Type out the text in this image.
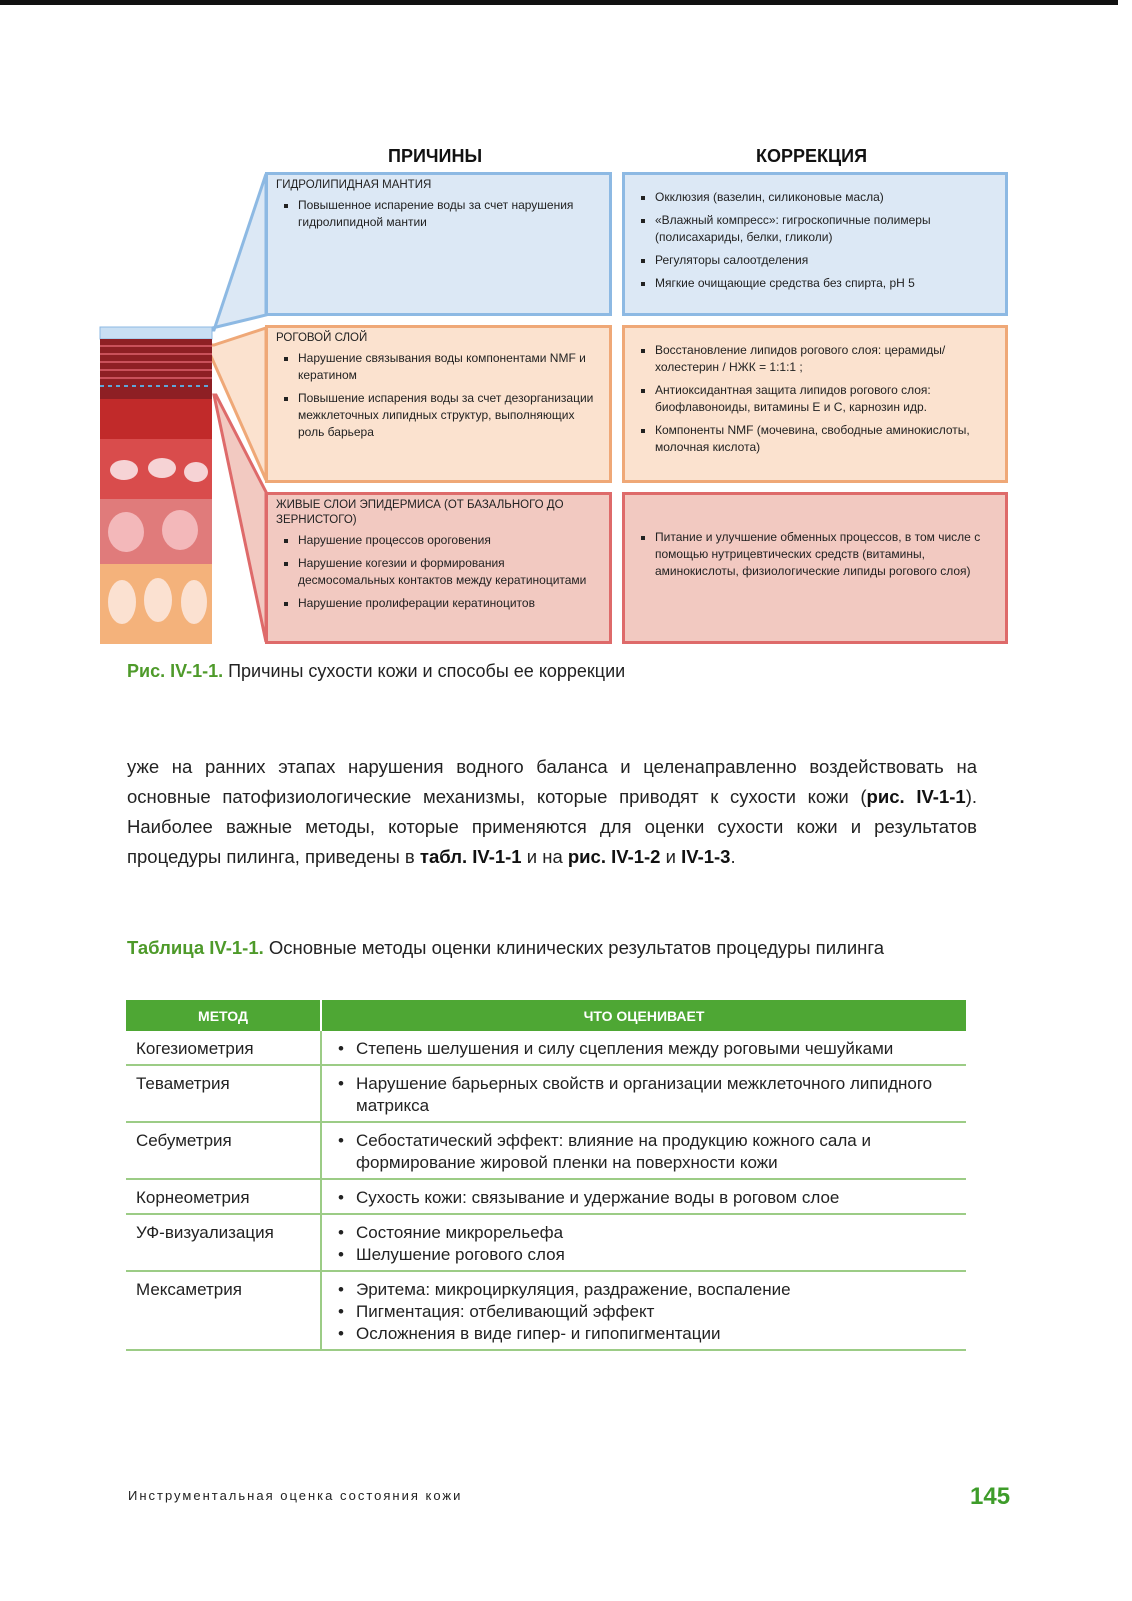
ПРИЧИНЫ	КОРРЕКЦИЯ
ГИДРОЛИПИДНАЯ МАНТИЯ
▪ Повышенное испарение воды за счет нарушения гидролипидной мантии
▪ Окклюзия (вазелин, силиконовые масла)
▪ «Влажный компресс»: гигроскопичные полимеры (полисахариды, белки, гликоли)
▪ Регуляторы салоотделения
▪ Мягкие очищающие средства без спирта, pH 5
РОГОВОЙ СЛОЙ
▪ Нарушение связывания воды компонентами NMF и кератином
▪ Повышение испарения воды за счет дезорганизации межклеточных липидных структур, выполняющих роль барьера
▪ Восстановление липидов рогового слоя: церамиды/холестерин / НЖК = 1:1:1 ;
▪ Антиоксидантная защита липидов рогового слоя: биофлавоноиды, витамины E и C, карнозин идр.
▪ Компоненты NMF (мочевина, свободные аминокислоты, молочная кислота)
ЖИВЫЕ СЛОИ ЭПИДЕРМИСА (ОТ БАЗАЛЬНОГО ДО ЗЕРНИСТОГО)
▪ Нарушение процессов ороговения
▪ Нарушение когезии и формирования десмосомальных контактов между кератиноцитами
▪ Нарушение пролиферации кератиноцитов
▪ Питание и улучшение обменных процессов, в том числе с помощью нутрицевтических средств (витамины, аминокислоты, физиологические липиды рогового слоя)
Рис. IV-1-1. Причины сухости кожи и способы ее коррекции
уже на ранних этапах нарушения водного баланса и целенаправленно воздействовать на основные патофизиологические механизмы, которые приводят к сухости кожи (рис. IV-1-1). Наиболее важные методы, которые применяются для оценки сухости кожи и результатов процедуры пилинга, приведены в табл. IV-1-1 и на рис. IV-1-2 и IV-1-3.
Таблица IV-1-1. Основные методы оценки клинических результатов процедуры пилинга
МЕТОД	ЧТО ОЦЕНИВАЕТ
Когезиометрия	• Степень шелушения и силу сцепления между роговыми чешуйками

Теваметрия	• Нарушение барьерных свойств и организации межклеточного липидного матрикса

Себуметрия	• Себостатический эффект: влияние на продукцию кожного сала и формирование жировой пленки на поверхности кожи

Корнеометрия	• Сухость кожи: связывание и удержание воды в роговом слое

УФ-визуализация	• Состояние микрорельефа
• Шелушение рогового слоя

Мексаметрия	• Эритема: микроциркуляция, раздражение, воспаление
• Пигментация: отбеливающий эффект
• Осложнения в виде гипер- и гипопигментации
Инструментальная оценка состояния кожи	145
